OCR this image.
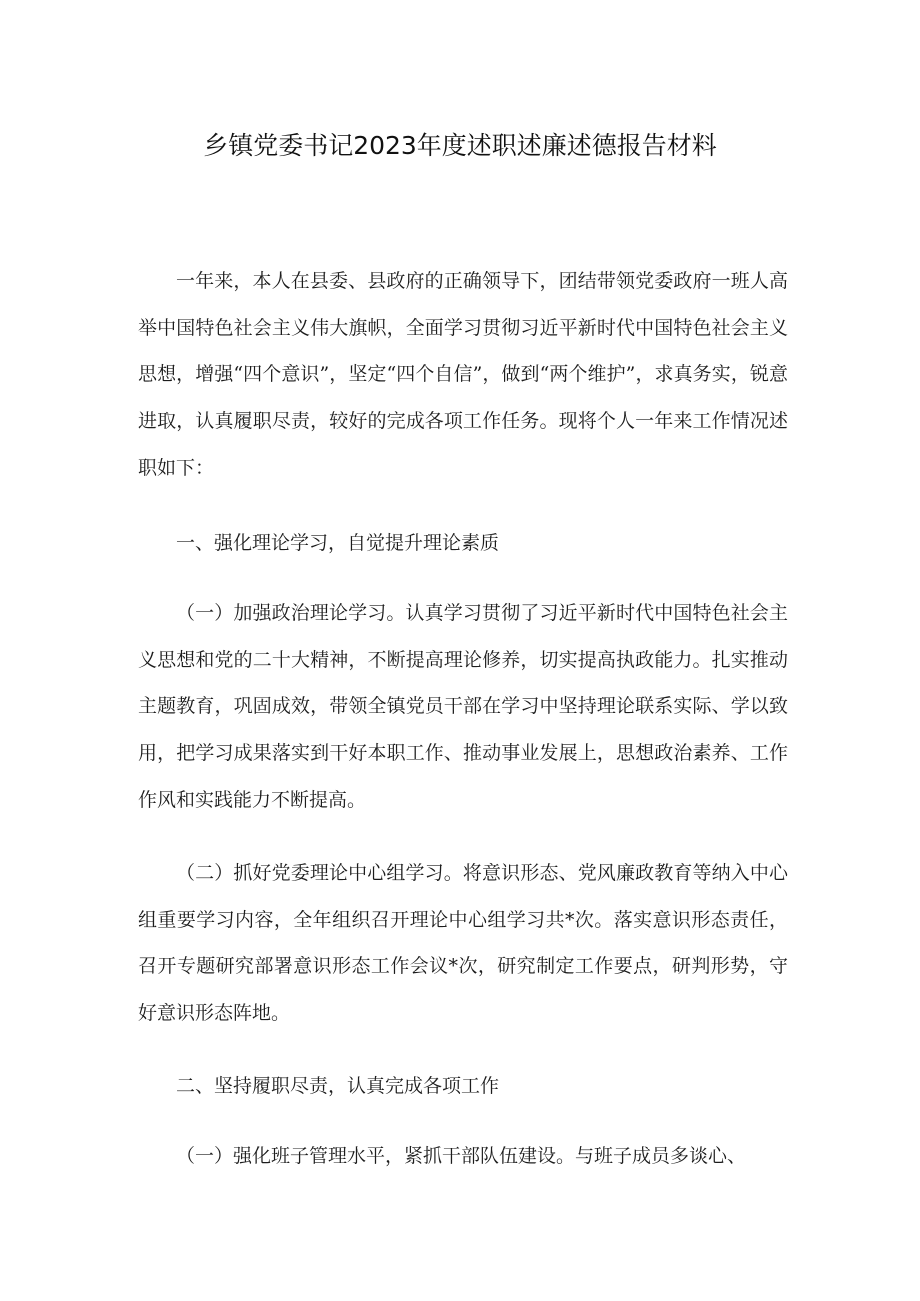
乡镇党委书记2023年度述职述廉述德报告材料

一年来，本人在县委、县政府的正确领导下，团结带领党委政府一班人高举中国特色社会主义伟大旗帜，全面学习贯彻习近平新时代中国特色社会主义思想，增强“四个意识”，坚定“四个自信”，做到“两个维护”，求真务实，锐意进取，认真履职尽责，较好的完成各项工作任务。现将个人一年来工作情况述职如下：

一、强化理论学习，自觉提升理论素质

（一）加强政治理论学习。认真学习贯彻了习近平新时代中国特色社会主义思想和党的二十大精神，不断提高理论修养，切实提高执政能力。扎实推动主题教育，巩固成效，带领全镇党员干部在学习中坚持理论联系实际、学以致用，把学习成果落实到干好本职工作、推动事业发展上，思想政治素养、工作作风和实践能力不断提高。

（二）抓好党委理论中心组学习。将意识形态、党风廉政教育等纳入中心组重要学习内容，全年组织召开理论中心组学习共*次。落实意识形态责任，召开专题研究部署意识形态工作会议*次，研究制定工作要点，研判形势，守好意识形态阵地。

二、坚持履职尽责，认真完成各项工作

（一）强化班子管理水平，紧抓干部队伍建设。与班子成员多谈心、
